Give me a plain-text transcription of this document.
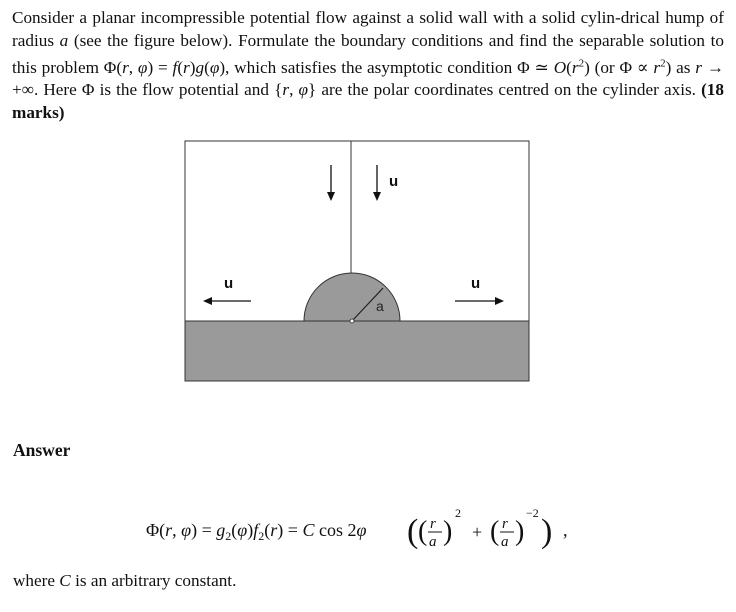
Consider a planar incompressible potential flow against a solid wall with a solid cylin-drical hump of radius a (see the figure below). Formulate the boundary conditions and find the separable solution to this problem Φ(r, φ) = f(r)g(φ), which satisfies the asymptotic condition Φ ≃ $O(r^2)$ (or $\Phi \propto r^2$) as r → +∞. Here Φ is the flow potential and {r, φ} are the polar coordinates centred on the cylinder axis. (18 marks)
a
u
u	u
Answer
Φ(r, $\varphi) = g_2(\varphi)f_2(r) = C$ cos 2φ ( ( r
a )
2
+ ( r
a )
−2 ) ,
where C is an arbitrary constant.
